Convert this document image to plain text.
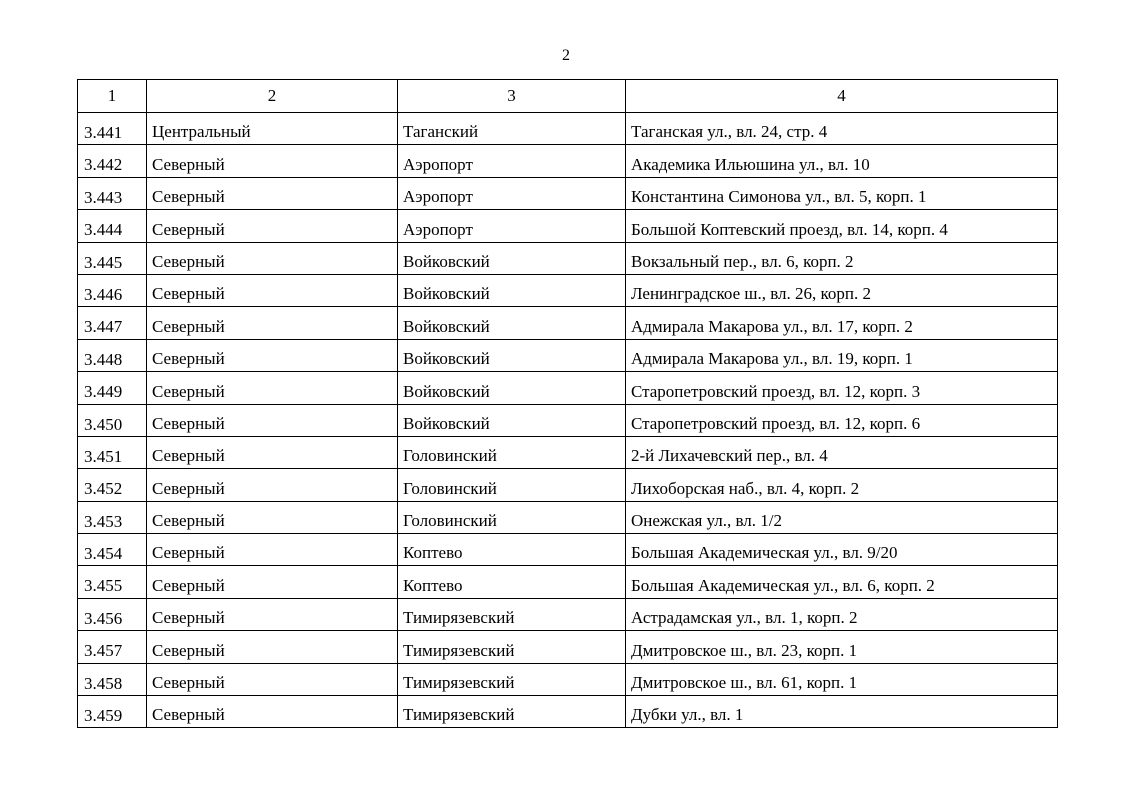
2
1	2	3	4
3.441	Центральный	Таганский	Таганская ул., вл. 24, стр. 4
3.442	Северный	Аэропорт	Академика Ильюшина ул., вл. 10
3.443	Северный	Аэропорт	Константина Симонова ул., вл. 5, корп. 1
3.444	Северный	Аэропорт	Большой Коптевский проезд, вл. 14, корп. 4
3.445	Северный	Войковский	Вокзальный пер., вл. 6, корп. 2
3.446	Северный	Войковский	Ленинградское ш., вл. 26, корп. 2
3.447	Северный	Войковский	Адмирала Макарова ул., вл. 17, корп. 2
3.448	Северный	Войковский	Адмирала Макарова ул., вл. 19, корп. 1
3.449	Северный	Войковский	Старопетровский проезд, вл. 12, корп. 3
3.450	Северный	Войковский	Старопетровский проезд, вл. 12, корп. 6
3.451	Северный	Головинский	2-й Лихачевский пер., вл. 4
3.452	Северный	Головинский	Лихоборская наб., вл. 4, корп. 2
3.453	Северный	Головинский	Онежская ул., вл. 1/2
3.454	Северный	Коптево	Большая Академическая ул., вл. 9/20
3.455	Северный	Коптево	Большая Академическая ул., вл. 6, корп. 2
3.456	Северный	Тимирязевский	Астрадамская ул., вл. 1, корп. 2
3.457	Северный	Тимирязевский	Дмитровское ш., вл. 23, корп. 1
3.458	Северный	Тимирязевский	Дмитровское ш., вл. 61, корп. 1
3.459	Северный	Тимирязевский	Дубки ул., вл. 1
